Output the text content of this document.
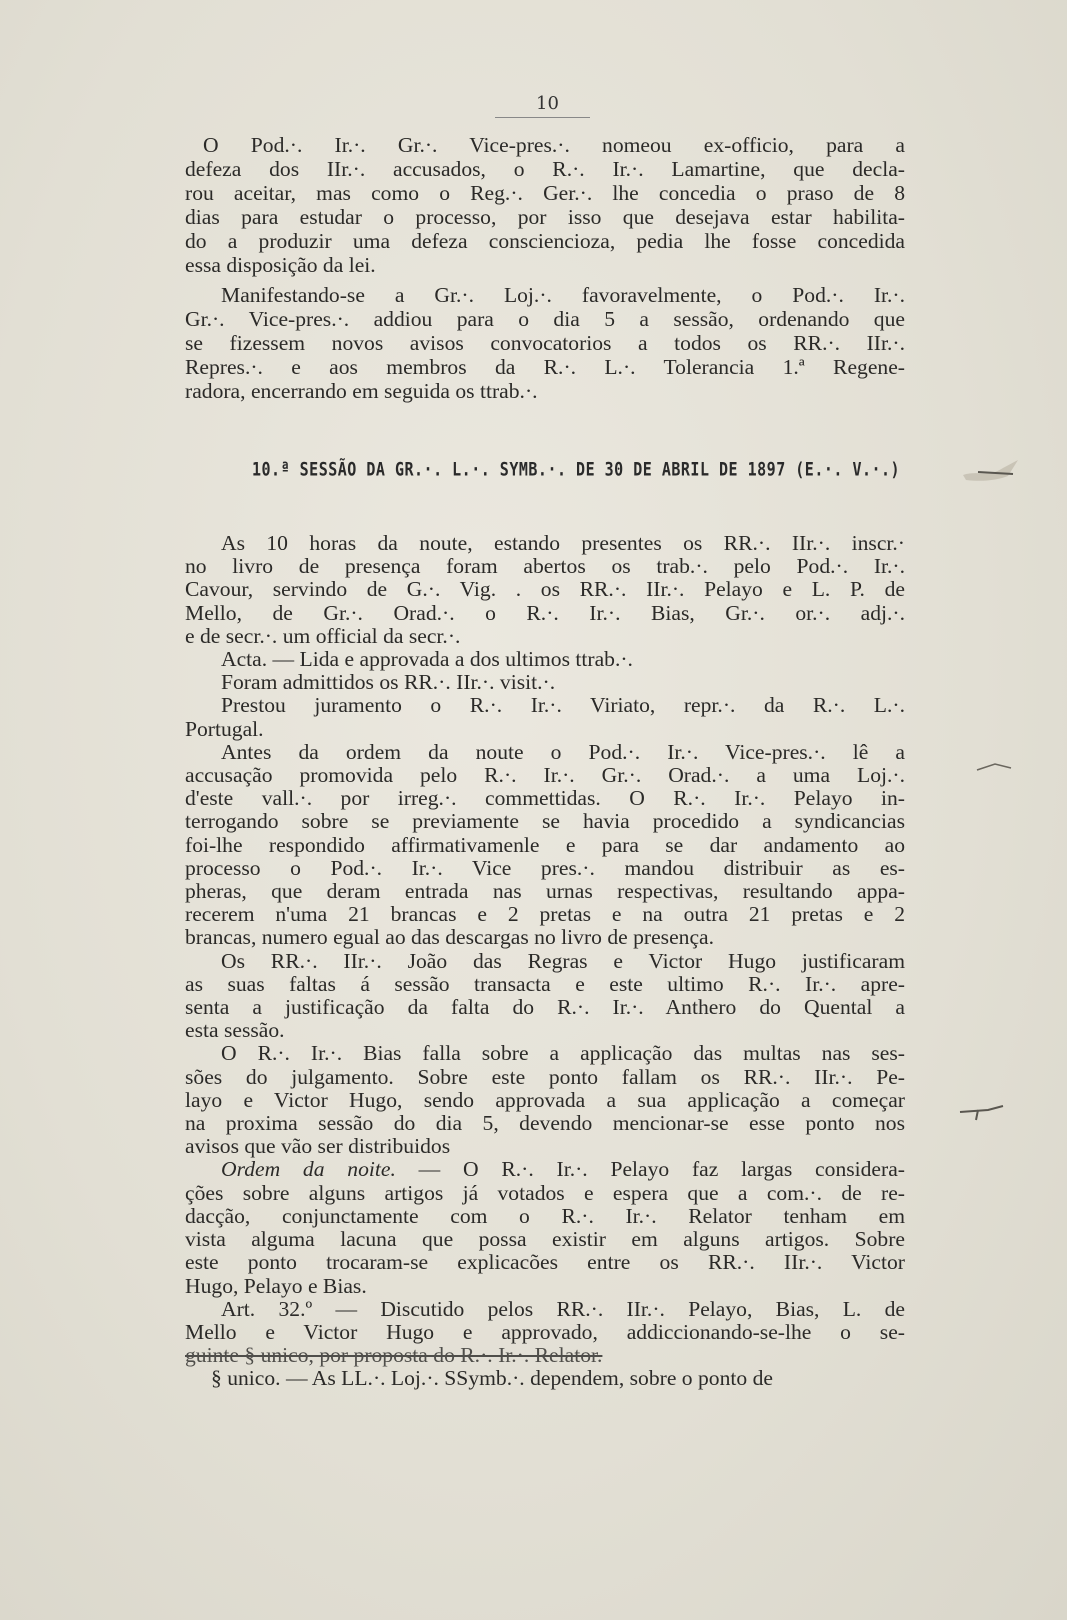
10
O Pod.·. Ir.·. Gr.·. Vice-pres.·. nomeou ex-officio, para a
defeza dos IIr.·. accusados, o R.·. Ir.·. Lamartine, que decla-
rou aceitar, mas como o Reg.·. Ger.·. lhe concedia o praso de 8
dias para estudar o processo, por isso que desejava estar habilita-
do a produzir uma defeza consciencioza, pedia lhe fosse concedida
essa disposição da lei.
Manifestando-se a Gr.·. Loj.·. favoravelmente, o Pod.·. Ir.·.
Gr.·. Vice-pres.·. addiou para o dia 5 a sessão, ordenando que
se fizessem novos avisos convocatorios a todos os RR.·. IIr.·.
Repres.·. e aos membros da R.·. L.·. Tolerancia 1.ª Regene-
radora, encerrando em seguida os ttrab.·.
10.ª SESSÃO DA GR.·. L.·. SYMB.·. DE 30 DE ABRIL DE 1897 (E.·. V.·.)
As 10 horas da noute, estando presentes os RR.·. IIr.·. inscr.·
no livro de presença foram abertos os trab.·. pelo Pod.·. Ir.·.
Cavour, servindo de G.·. Vig. . os RR.·. IIr.·. Pelayo e L. P. de
Mello, de Gr.·. Orad.·. o R.·. Ir.·. Bias, Gr.·. or.·. adj.·.
e de secr.·. um official da secr.·.
Acta. — Lida e approvada a dos ultimos ttrab.·.
Foram admittidos os RR.·. IIr.·. visit.·.
Prestou juramento o R.·. Ir.·. Viriato, repr.·. da R.·. L.·.
Portugal.
Antes da ordem da noute o Pod.·. Ir.·. Vice-pres.·. lê a
accusação promovida pelo R.·. Ir.·. Gr.·. Orad.·. a uma Loj.·.
d'este vall.·. por irreg.·. commettidas. O R.·. Ir.·. Pelayo in-
terrogando sobre se previamente se havia procedido a syndicancias
foi-lhe respondido affirmativamenle e para se dar andamento ao
processo o Pod.·. Ir.·. Vice pres.·. mandou distribuir as es-
pheras, que deram entrada nas urnas respectivas, resultando appa-
recerem n'uma 21 brancas e 2 pretas e na outra 21 pretas e 2
brancas, numero egual ao das descargas no livro de presença.
Os RR.·. IIr.·. João das Regras e Victor Hugo justificaram
as suas faltas á sessão transacta e este ultimo R.·. Ir.·. apre-
senta a justificação da falta do R.·. Ir.·. Anthero do Quental a
esta sessão.
O R.·. Ir.·. Bias falla sobre a applicação das multas nas ses-
sões do julgamento. Sobre este ponto fallam os RR.·. IIr.·. Pe-
layo e Victor Hugo, sendo approvada a sua applicação a começar
na proxima sessão do dia 5, devendo mencionar-se esse ponto nos
avisos que vão ser distribuidos
Ordem da noite. — O R.·. Ir.·. Pelayo faz largas considera-
ções sobre alguns artigos já votados e espera que a com.·. de re-
dacção, conjunctamente com o R.·. Ir.·. Relator tenham em
vista alguma lacuna que possa existir em alguns artigos. Sobre
este ponto trocaram-se explicacões entre os RR.·. IIr.·. Victor
Hugo, Pelayo e Bias.
Art. 32.º — Discutido pelos RR.·. IIr.·. Pelayo, Bias, L. de
Mello e Victor Hugo e approvado, addiccionando-se-lhe o se-
guinte § unico, por proposta do R.·. Ir.·. Relator.
§ unico. — As LL.·. Loj.·. SSymb.·. dependem, sobre o ponto de
